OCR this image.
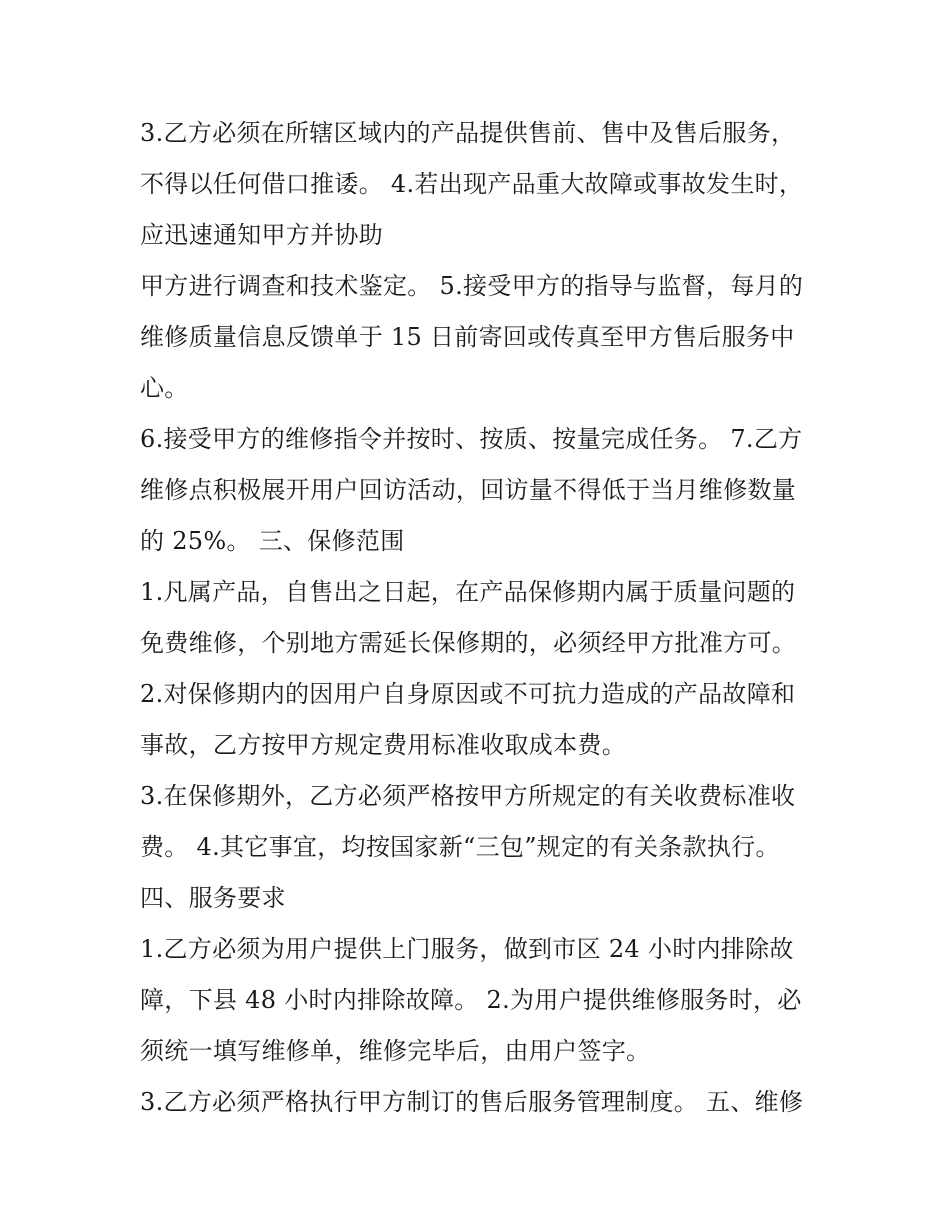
3.乙方必须在所辖区域内的产品提供售前、售中及售后服务，
不得以任何借口推诿。 4.若出现产品重大故障或事故发生时，
应迅速通知甲方并协助
甲方进行调查和技术鉴定。 5.接受甲方的指导与监督，每月的
维修质量信息反馈单于 15 日前寄回或传真至甲方售后服务中
心。
6.接受甲方的维修指令并按时、按质、按量完成任务。 7.乙方
维修点积极展开用户回访活动，回访量不得低于当月维修数量
的 25%。 三、保修范围
1.凡属产品，自售出之日起，在产品保修期内属于质量问题的
免费维修，个别地方需延长保修期的，必须经甲方批准方可。
2.对保修期内的因用户自身原因或不可抗力造成的产品故障和
事故，乙方按甲方规定费用标准收取成本费。
3.在保修期外，乙方必须严格按甲方所规定的有关收费标准收
费。 4.其它事宜，均按国家新“三包”规定的有关条款执行。
四、服务要求
1.乙方必须为用户提供上门服务，做到市区 24 小时内排除故
障，下县 48 小时内排除故障。 2.为用户提供维修服务时，必
须统一填写维修单，维修完毕后，由用户签字。
3.乙方必须严格执行甲方制订的售后服务管理制度。 五、维修
